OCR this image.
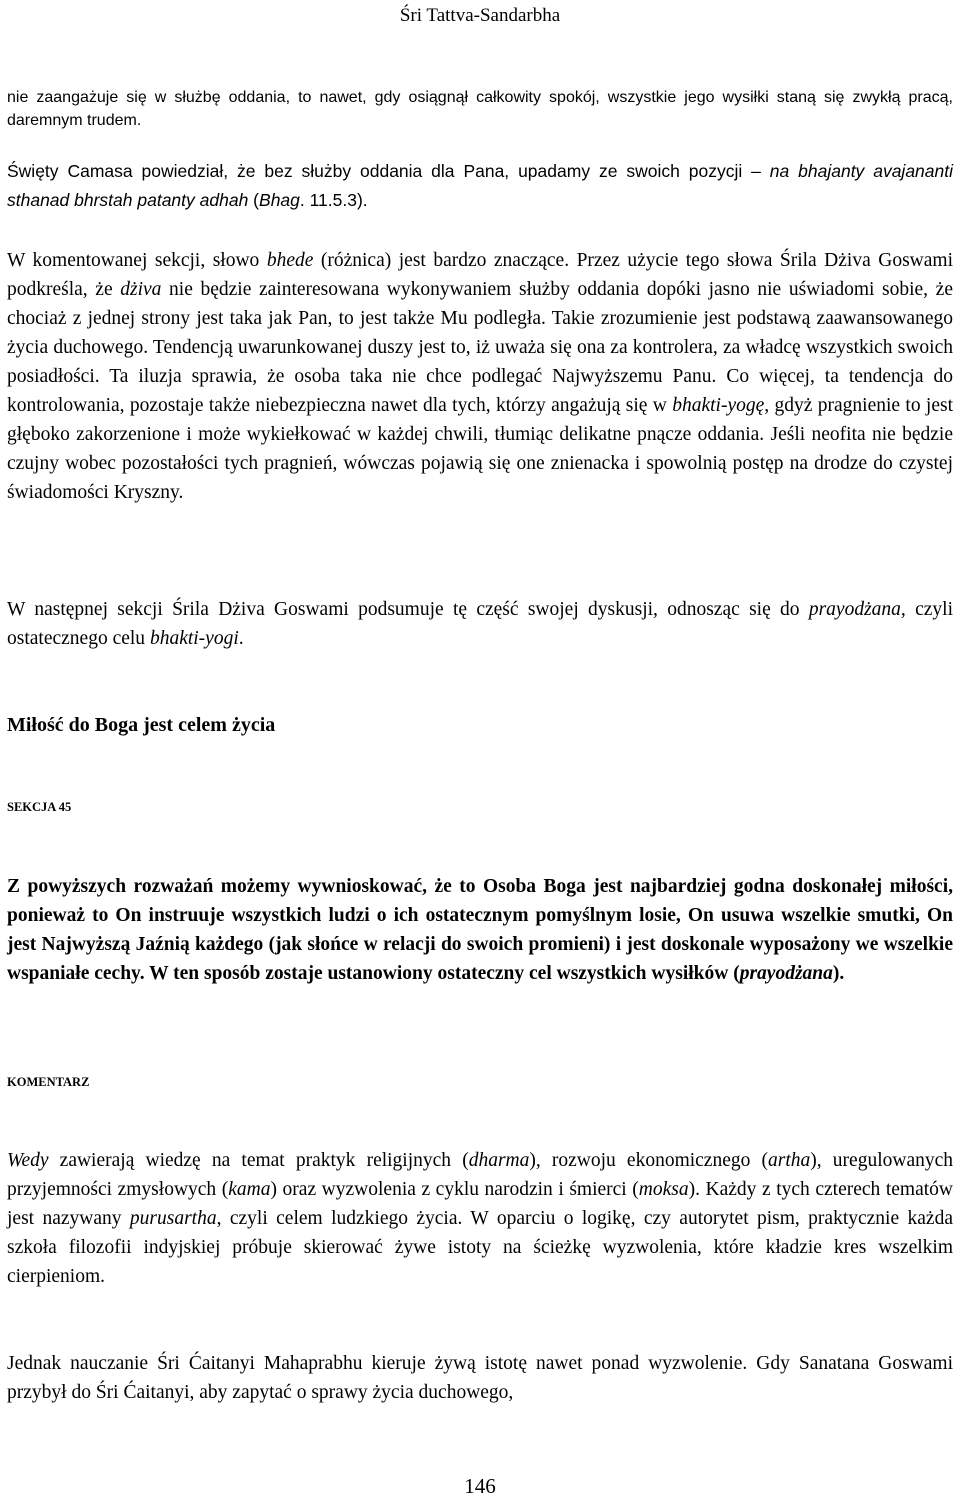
Śri Tattva-Sandarbha
nie zaangażuje się w służbę oddania, to nawet, gdy osiągnął całkowity spokój, wszystkie jego wysiłki staną się zwykłą pracą, daremnym trudem.
Święty Camasa powiedział, że bez służby oddania dla Pana, upadamy ze swoich pozycji – na bhajanty avajananti sthanad bhrstah patanty adhah (Bhag. 11.5.3).
W komentowanej sekcji, słowo bhede (różnica) jest bardzo znaczące. Przez użycie tego słowa Śrila Dżiva Goswami podkreśla, że dżiva nie będzie zainteresowana wykonywaniem służby oddania dopóki jasno nie uświadomi sobie, że chociaż z jednej strony jest taka jak Pan, to jest także Mu podległa. Takie zrozumienie jest podstawą zaawansowanego życia duchowego. Tendencją uwarunkowanej duszy jest to, iż uważa się ona za kontrolera, za władcę wszystkich swoich posiadłości. Ta iluzja sprawia, że osoba taka nie chce podlegać Najwyższemu Panu. Co więcej, ta tendencja do kontrolowania, pozostaje także niebezpieczna nawet dla tych, którzy angażują się w bhakti-yogę, gdyż pragnienie to jest głęboko zakorzenione i może wykiełkować w każdej chwili, tłumiąc delikatne pnącze oddania. Jeśli neofita nie będzie czujny wobec pozostałości tych pragnień, wówczas pojawią się one znienacka i spowolnią postęp na drodze do czystej świadomości Kryszny.
W następnej sekcji Śrila Dżiva Goswami podsumuje tę część swojej dyskusji, odnosząc się do prayodżana, czyli ostatecznego celu bhakti-yogi.
Miłość do Boga jest celem życia
SEKCJA 45
Z powyższych rozważań możemy wywnioskować, że to Osoba Boga jest najbardziej godna doskonałej miłości, ponieważ to On instruuje wszystkich ludzi o ich ostatecznym pomyślnym losie, On usuwa wszelkie smutki, On jest Najwyższą Jaźnią każdego (jak słońce w relacji do swoich promieni) i jest doskonale wyposażony we wszelkie wspaniałe cechy. W ten sposób zostaje ustanowiony ostateczny cel wszystkich wysiłków (prayodżana).
KOMENTARZ
Wedy zawierają wiedzę na temat praktyk religijnych (dharma), rozwoju ekonomicznego (artha), uregulowanych przyjemności zmysłowych (kama) oraz wyzwolenia z cyklu narodzin i śmierci (moksa). Każdy z tych czterech tematów jest nazywany purusartha, czyli celem ludzkiego życia. W oparciu o logikę, czy autorytet pism, praktycznie każda szkoła filozofii indyjskiej próbuje skierować żywe istoty na ścieżkę wyzwolenia, które kładzie kres wszelkim cierpieniom.
Jednak nauczanie Śri Ćaitanyi Mahaprabhu kieruje żywą istotę nawet ponad wyzwolenie. Gdy Sanatana Goswami przybył do Śri Ćaitanyi, aby zapytać o sprawy życia duchowego,
146
